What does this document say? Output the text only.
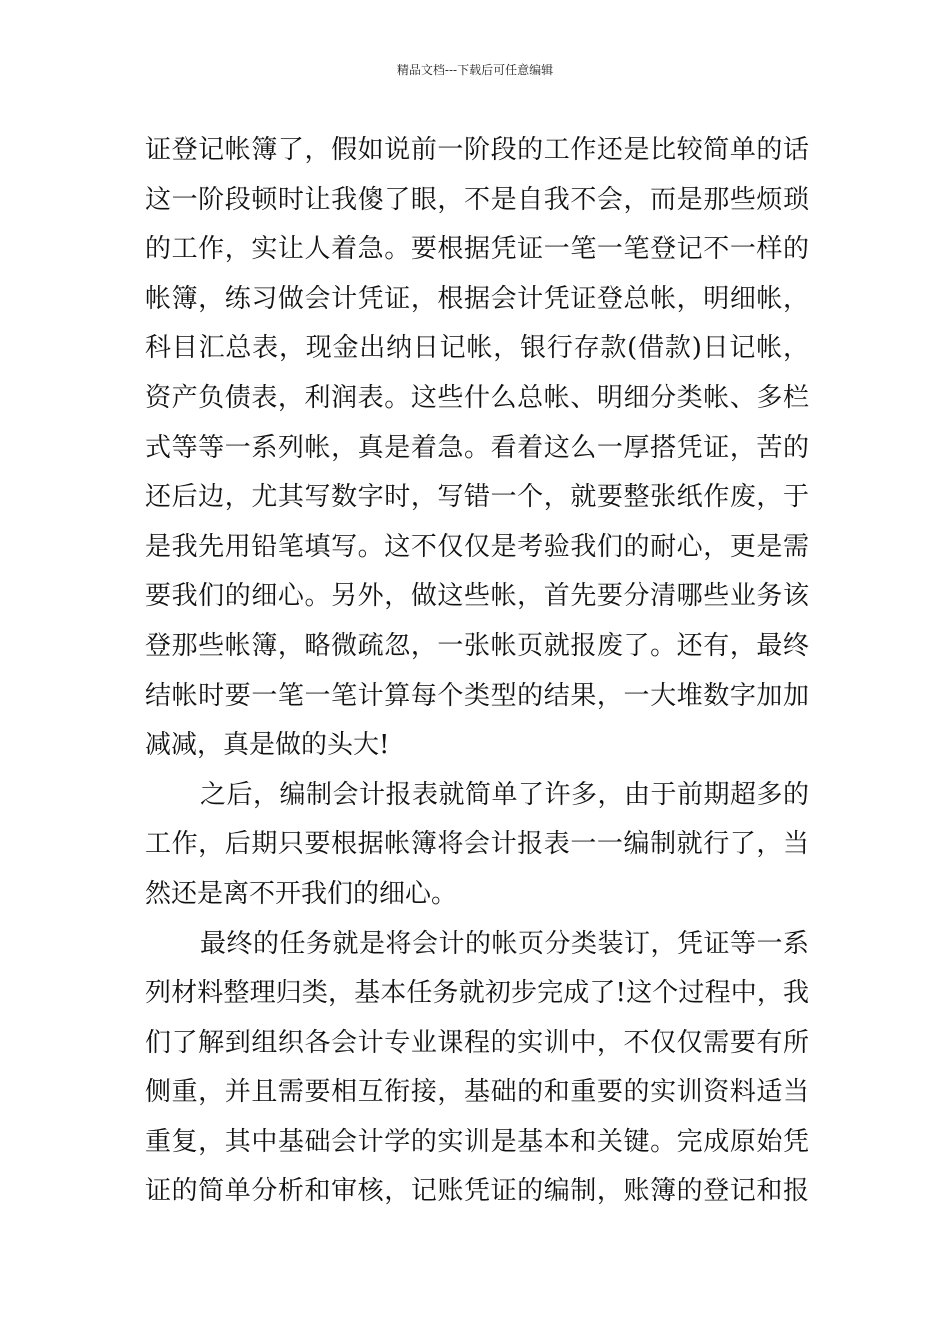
精品文档---下载后可任意编辑
证登记帐簿了，假如说前一阶段的工作还是比较简单的话
这一阶段顿时让我傻了眼，不是自我不会，而是那些烦琐
的工作，实让人着急。要根据凭证一笔一笔登记不一样的
帐簿，练习做会计凭证，根据会计凭证登总帐，明细帐，
科目汇总表，现金出纳日记帐，银行存款(借款)日记帐，
资产负债表，利润表。这些什么总帐、明细分类帐、多栏
式等等一系列帐，真是着急。看着这么一厚搭凭证，苦的
还后边，尤其写数字时，写错一个，就要整张纸作废，于
是我先用铅笔填写。这不仅仅是考验我们的耐心，更是需
要我们的细心。另外，做这些帐，首先要分清哪些业务该
登那些帐簿，略微疏忽，一张帐页就报废了。还有，最终
结帐时要一笔一笔计算每个类型的结果，一大堆数字加加
减减，真是做的头大!
之后，编制会计报表就简单了许多，由于前期超多的
工作，后期只要根据帐簿将会计报表一一编制就行了，当
然还是离不开我们的细心。
最终的任务就是将会计的帐页分类装订，凭证等一系
列材料整理归类，基本任务就初步完成了!这个过程中，我
们了解到组织各会计专业课程的实训中，不仅仅需要有所
侧重，并且需要相互衔接，基础的和重要的实训资料适当
重复，其中基础会计学的实训是基本和关键。完成原始凭
证的简单分析和审核，记账凭证的编制，账簿的登记和报
